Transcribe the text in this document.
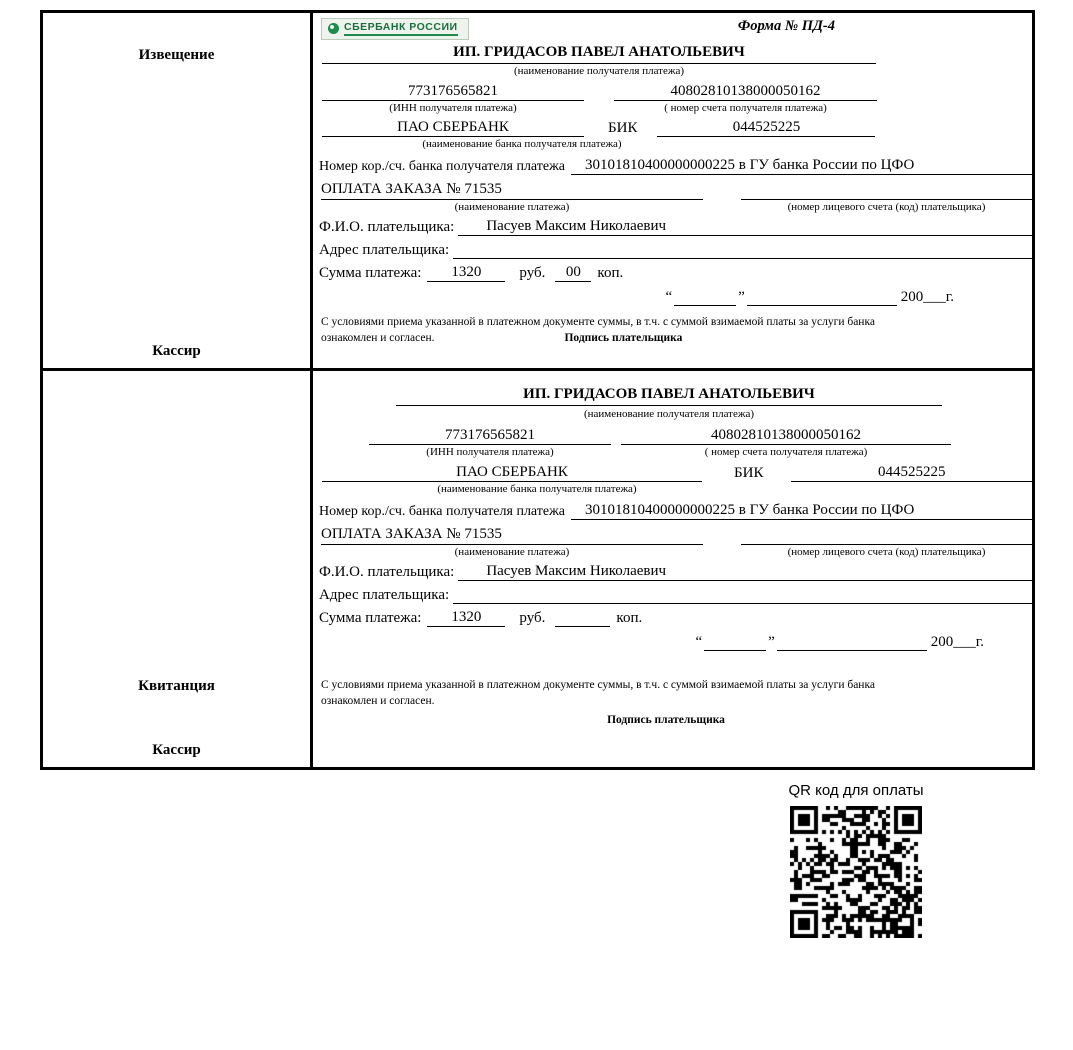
Извещение
Кассир
СБЕРБАНК РОССИИ	Форма № ПД-4
ИП. ГРИДАСОВ ПАВЕЛ АНАТОЛЬЕВИЧ
(наименование получателя платежа)
773176565821	40802810138000050162
(ИНН получателя платежа)	( номер счета получателя платежа)
ПАО СБЕРБАНК	БИК	044525225
(наименование банка получателя платежа)
Номер кор./сч. банка получателя платежа	30101810400000000225 в ГУ банка России по ЦФО
ОПЛАТА ЗАКАЗА № 71535
(наименование платежа)	(номер лицевого счета (код) плательщика)
Ф.И.О. плательщика:	Пасуев Максим Николаевич
Адрес плательщика:
Сумма платежа:	1320	руб.	00	коп.
“	”	200___г.
С условиями приема указанной в платежном документе суммы, в т.ч. с суммой взимаемой платы за услуги банка
ознакомлен и согласен.	Подпись плательщика
Квитанция
Кассир
ИП. ГРИДАСОВ ПАВЕЛ АНАТОЛЬЕВИЧ
(наименование получателя платежа)
773176565821	40802810138000050162
(ИНН получателя платежа)	( номер счета получателя платежа)
ПАО СБЕРБАНК	БИК	044525225
(наименование банка получателя платежа)
Номер кор./сч. банка получателя платежа	30101810400000000225 в ГУ банка России по ЦФО
ОПЛАТА ЗАКАЗА № 71535
(наименование платежа)	(номер лицевого счета (код) плательщика)
Ф.И.О. плательщика:	Пасуев Максим Николаевич
Адрес плательщика:
Сумма платежа:	1320	руб.	коп.
“	”	200___г.
С условиями приема указанной в платежном документе суммы, в т.ч. с суммой взимаемой платы за услуги банка
ознакомлен и согласен.
Подпись плательщика
QR код для оплаты
